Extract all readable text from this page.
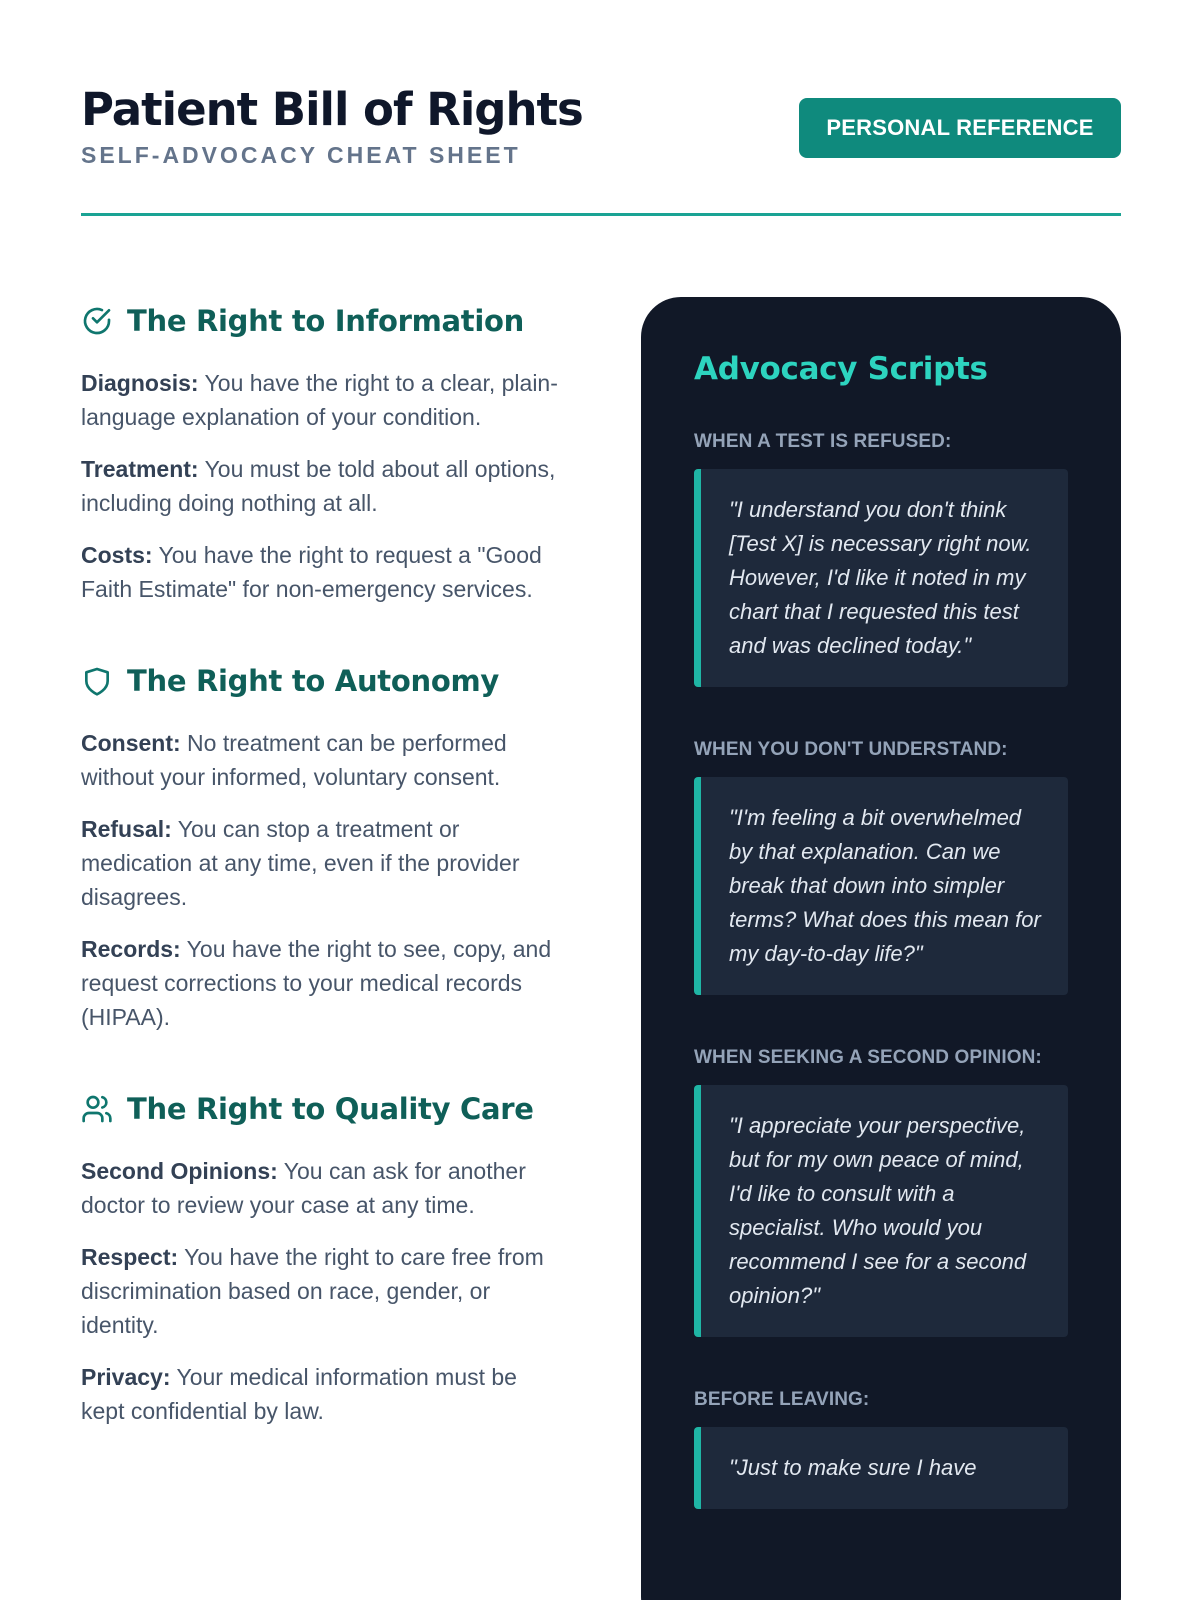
Patient Bill of Rights
SELF-ADVOCACY CHEAT SHEET
PERSONAL REFERENCE
The Right to Information

Diagnosis: You have the right to a clear, plain-language explanation of your condition.

Treatment: You must be told about all options, including doing nothing at all.

Costs: You have the right to request a "Good Faith Estimate" for non-emergency services.

The Right to Autonomy

Consent: No treatment can be performed without your informed, voluntary consent.

Refusal: You can stop a treatment or medication at any time, even if the provider disagrees.

Records: You have the right to see, copy, and request corrections to your medical records (HIPAA).

The Right to Quality Care

Second Opinions: You can ask for another doctor to review your case at any time.

Respect: You have the right to care free from discrimination based on race, gender, or identity.

Privacy: Your medical information must be kept confidential by law.

Advocacy Scripts
WHEN A TEST IS REFUSED:
"I understand you don't think [Test X] is necessary right now. However, I'd like it noted in my chart that I requested this test and was declined today."
WHEN YOU DON'T UNDERSTAND:
"I'm feeling a bit overwhelmed by that explanation. Can we break that down into simpler terms? What does this mean for my day-to-day life?"
WHEN SEEKING A SECOND OPINION:
"I appreciate your perspective, but for my own peace of mind, I'd like to consult with a specialist. Who would you recommend I see for a second opinion?"
BEFORE LEAVING:
"Just to make sure I have
